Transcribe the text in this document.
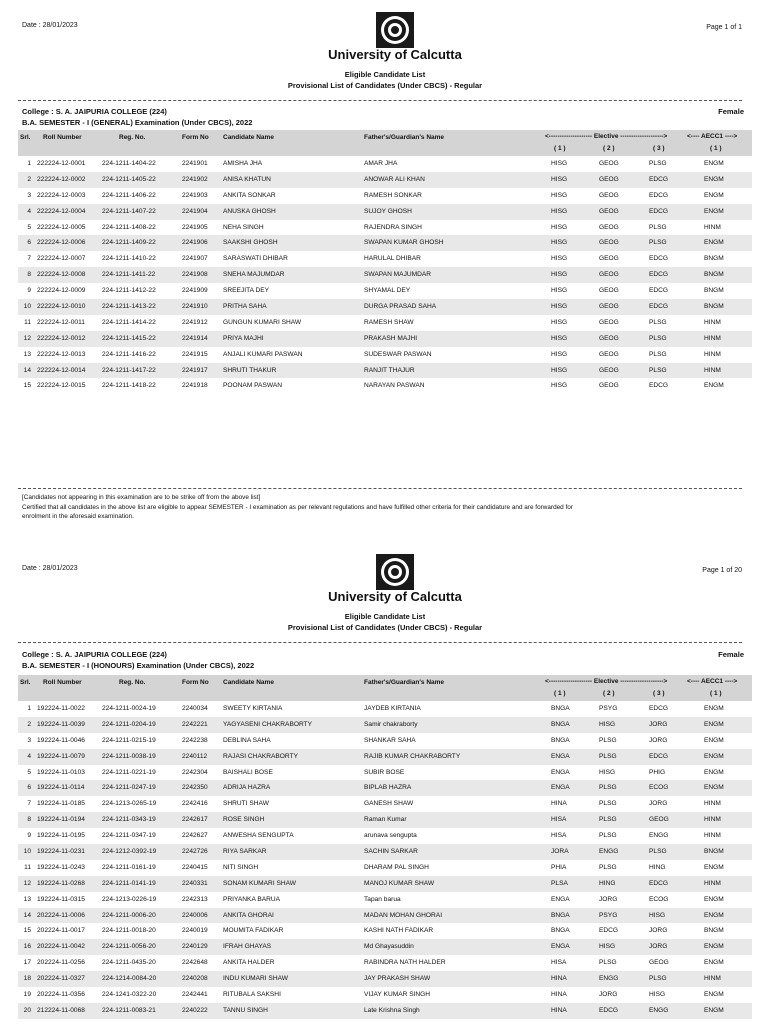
Date : 28/01/2023	Page 1 of 1
University of Calcutta
Eligible Candidate List
Provisional List of Candidates (Under CBCS) - Regular
College : S. A. JAIPURIA COLLEGE (224)	Female
B.A. SEMESTER - I (GENERAL) Examination (Under CBCS), 2022
Srl. Roll Number	Reg. No.	Form No Candidate Name	Father's/Guardian's Name	<-------------------- Elective -------------------->	<---- AECC1 ---->
( 1 )	( 2 )	( 3 )	( 1 )
1 222224-12-0001	224-1211-1404-22	2241901 AMISHA JHA	AMAR JHA	HISG	GEOG	PLSG	ENGM
2 222224-12-0002	224-1211-1405-22	2241902 ANISA KHATUN	ANOWAR ALI KHAN	HISG	GEOG	EDCG	ENGM
3 222224-12-0003	224-1211-1406-22	2241903 ANKITA SONKAR	RAMESH SONKAR	HISG	GEOG	EDCG	ENGM
4 222224-12-0004	224-1211-1407-22	2241904 ANUSKA GHOSH	SUJOY GHOSH	HISG	GEOG	EDCG	ENGM
5 222224-12-0005	224-1211-1408-22	2241905 NEHA SINGH	RAJENDRA SINGH	HISG	GEOG	PLSG	HINM
6 222224-12-0006	224-1211-1409-22	2241906 SAAKSHI GHOSH	SWAPAN KUMAR GHOSH	HISG	GEOG	PLSG	ENGM
7 222224-12-0007	224-1211-1410-22	2241907 SARASWATI DHIBAR	HARULAL DHIBAR	HISG	GEOG	EDCG	BNGM
8 222224-12-0008	224-1211-1411-22	2241908 SNEHA MAJUMDAR	SWAPAN MAJUMDAR	HISG	GEOG	EDCG	BNGM
9 222224-12-0009	224-1211-1412-22	2241909 SREEJITA DEY	SHYAMAL DEY	HISG	GEOG	EDCG	BNGM
10 222224-12-0010	224-1211-1413-22	2241910 PRITHA SAHA	DURGA PRASAD SAHA	HISG	GEOG	EDCG	BNGM
11 222224-12-0011	224-1211-1414-22	2241912 GUNGUN KUMARI SHAW	RAMESH SHAW	HISG	GEOG	PLSG	HINM
12 222224-12-0012	224-1211-1415-22	2241914 PRIYA MAJHI	PRAKASH MAJHI	HISG	GEOG	PLSG	HINM
13 222224-12-0013	224-1211-1416-22	2241915 ANJALI KUMARI PASWAN	SUDESWAR PASWAN	HISG	GEOG	PLSG	HINM
14 222224-12-0014	224-1211-1417-22	2241917 SHRUTI THAKUR	RANJIT THAJUR	HISG	GEOG	PLSG	HINM
15 222224-12-0015	224-1211-1418-22	2241918 POONAM PASWAN	NARAYAN PASWAN	HISG	GEOG	EDCG	ENGM
[Candidates not appearing in this examination are to be strike off from the above list]
Certified that all candidates in the above list are eligible to appear SEMESTER - I examination as per relevant regulations and have fulfilled other criteria for their candidature and are forwarded for
enrolment in the aforesaid examination.
Date : 28/01/2023	Page 1 of 20
University of Calcutta
Eligible Candidate List
Provisional List of Candidates (Under CBCS) - Regular
College : S. A. JAIPURIA COLLEGE (224)	Female
B.A. SEMESTER - I (HONOURS) Examination (Under CBCS), 2022
Srl. Roll Number	Reg. No.	Form No Candidate Name	Father's/Guardian's Name	<-------------------- Elective -------------------->	<---- AECC1 ---->
( 1 )	( 2 )	( 3 )	( 1 )
1 192224-11-0022	224-1211-0024-19	2240034 SWEETY KIRTANIA	JAYDEB KIRTANIA	BNGA	PSYG	EDCG	ENGM
2 192224-11-0039	224-1211-0204-19	2242221 YAGYASENI CHAKRABORTY	Samir chakraborty	BNGA	HISG	JORG	ENGM
3 192224-11-0046	224-1211-0215-19	2242238 DEBLINA SAHA	SHANKAR SAHA	BNGA	PLSG	JORG	ENGM
4 192224-11-0079	224-1211-0038-19	2240112 RAJASI CHAKRABORTY	RAJIB KUMAR CHAKRABORTY	ENGA	PLSG	EDCG	ENGM
5 192224-11-0103	224-1211-0221-19	2242304 BAISHALI BOSE	SUBIR BOSE	ENGA	HISG	PHIG	ENGM
6 192224-11-0114	224-1211-0247-19	2242350 ADRIJA HAZRA	BIPLAB HAZRA	ENGA	PLSG	ECOG	ENGM
7 192224-11-0185	224-1213-0265-19	2242416 SHRUTI SHAW	GANESH SHAW	HINA	PLSG	JORG	HINM
8 192224-11-0194	224-1211-0343-19	2242617 ROSE SINGH	Raman Kumar	HISA	PLSG	GEOG	HINM
9 192224-11-0195	224-1211-0347-19	2242627 ANWESHA SENGUPTA	arunava sengupta	HISA	PLSG	ENGG	HINM
10 192224-11-0231	224-1212-0392-19	2242726 RIYA SARKAR	SACHIN SARKAR	JORA	ENGG	PLSG	BNGM
11 192224-11-0243	224-1211-0161-19	2240415 NITI SINGH	DHARAM PAL SINGH	PHIA	PLSG	HING	ENGM
12 192224-11-0268	224-1211-0141-19	2240331 SONAM KUMARI SHAW	MANOJ KUMAR SHAW	PLSA	HING	EDCG	HINM
13 192224-11-0315	224-1213-0226-19	2242313 PRIYANKA BARUA	Tapan barua	ENGA	JORG	ECOG	ENGM
14 202224-11-0006	224-1211-0006-20	2240006 ANKITA GHORAI	MADAN MOHAN GHORAI	BNGA	PSYG	HISG	ENGM
15 202224-11-0017	224-1211-0018-20	2240019 MOUMITA FADIKAR	KASHI NATH FADIKAR	BNGA	EDCG	JORG	BNGM
16 202224-11-0042	224-1211-0056-20	2240129 IFRAH GHAYAS	Md Ghayasuddin	ENGA	HISG	JORG	ENGM
17 202224-11-0256	224-1211-0435-20	2242648 ANKITA HALDER	RABINDRA NATH HALDER	HISA	PLSG	GEOG	ENGM
18 202224-11-0327	224-1214-0084-20	2240208 INDU KUMARI SHAW	JAY PRAKASH SHAW	HINA	ENGG	PLSG	HINM
19 202224-11-0356	224-1241-0322-20	2242441 RITUBALA SAKSHI	VIJAY KUMAR SINGH	HINA	JORG	HISG	ENGM
20 212224-11-0068	224-1211-0083-21	2240222 TANNU SINGH	Late Krishna Singh	HINA	EDCG	ENGG	ENGM
